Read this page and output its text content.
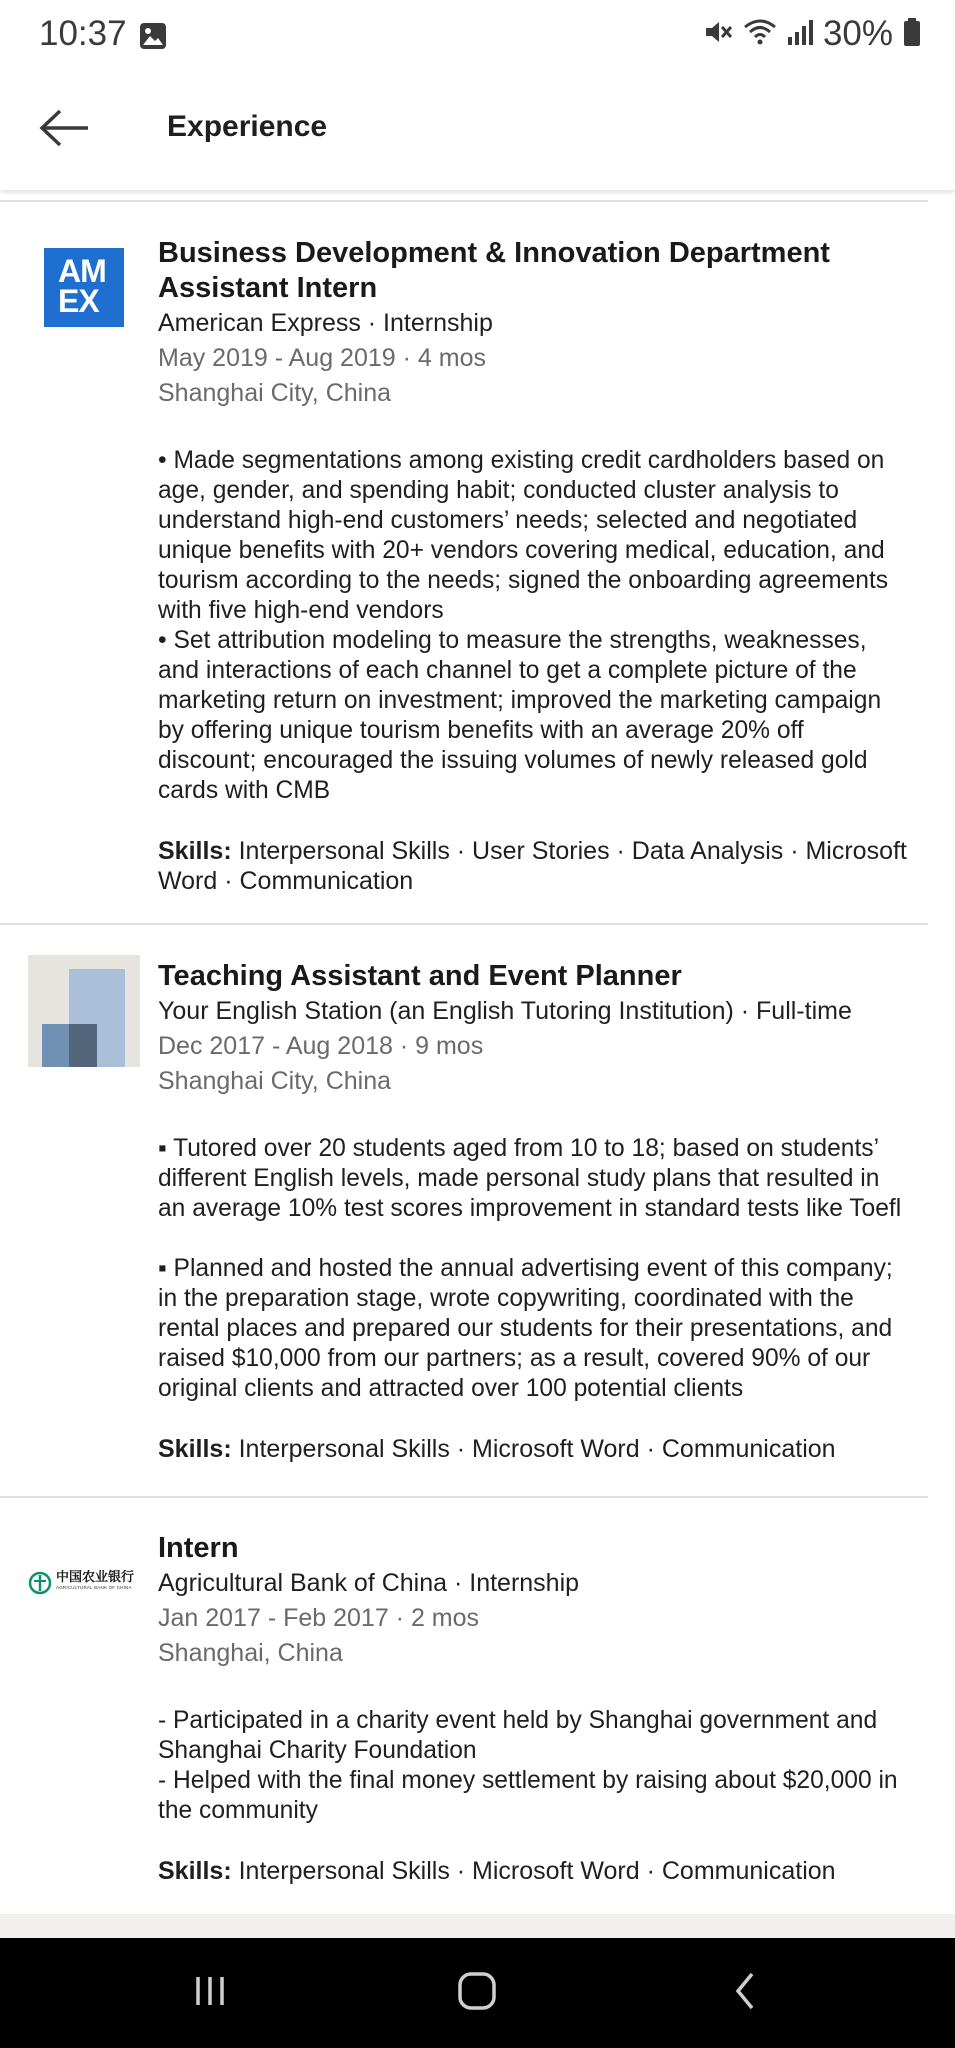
10:37	30%
Experience
AM
EX
Business Development & Innovation Department
Assistant Intern
American Express · Internship
May 2019 - Aug 2019 · 4 mos
Shanghai City, China

• Made segmentations among existing credit cardholders based on

age, gender, and spending habit; conducted cluster analysis to

understand high-end customers’ needs; selected and negotiated

unique benefits with 20+ vendors covering medical, education, and

tourism according to the needs; signed the onboarding agreements

with five high-end vendors

• Set attribution modeling to measure the strengths, weaknesses,

and interactions of each channel to get a complete picture of the

marketing return on investment; improved the marketing campaign

by offering unique tourism benefits with an average 20% off

discount; encouraged the issuing volumes of newly released gold

cards with CMB

Skills: Interpersonal Skills · User Stories · Data Analysis · Microsoft
Word · Communication
Teaching Assistant and Event Planner
Your English Station (an English Tutoring Institution) · Full-time
Dec 2017 - Aug 2018 · 9 mos
Shanghai City, China

▪ Tutored over 20 students aged from 10 to 18; based on students’

different English levels, made personal study plans that resulted in

an average 10% test scores improvement in standard tests like Toefl

▪ Planned and hosted the annual advertising event of this company;

in the preparation stage, wrote copywriting, coordinated with the

rental places and prepared our students for their presentations, and

raised $10,000 from our partners; as a result, covered 90% of our

original clients and attracted over 100 potential clients

Skills: Interpersonal Skills · Microsoft Word · Communication
中国农业银行
AGRICULTURAL BANK OF CHINA
Intern
Agricultural Bank of China · Internship
Jan 2017 - Feb 2017 · 2 mos
Shanghai, China

- Participated in a charity event held by Shanghai government and

Shanghai Charity Foundation

- Helped with the final money settlement by raising about $20,000 in

the community

Skills: Interpersonal Skills · Microsoft Word · Communication
